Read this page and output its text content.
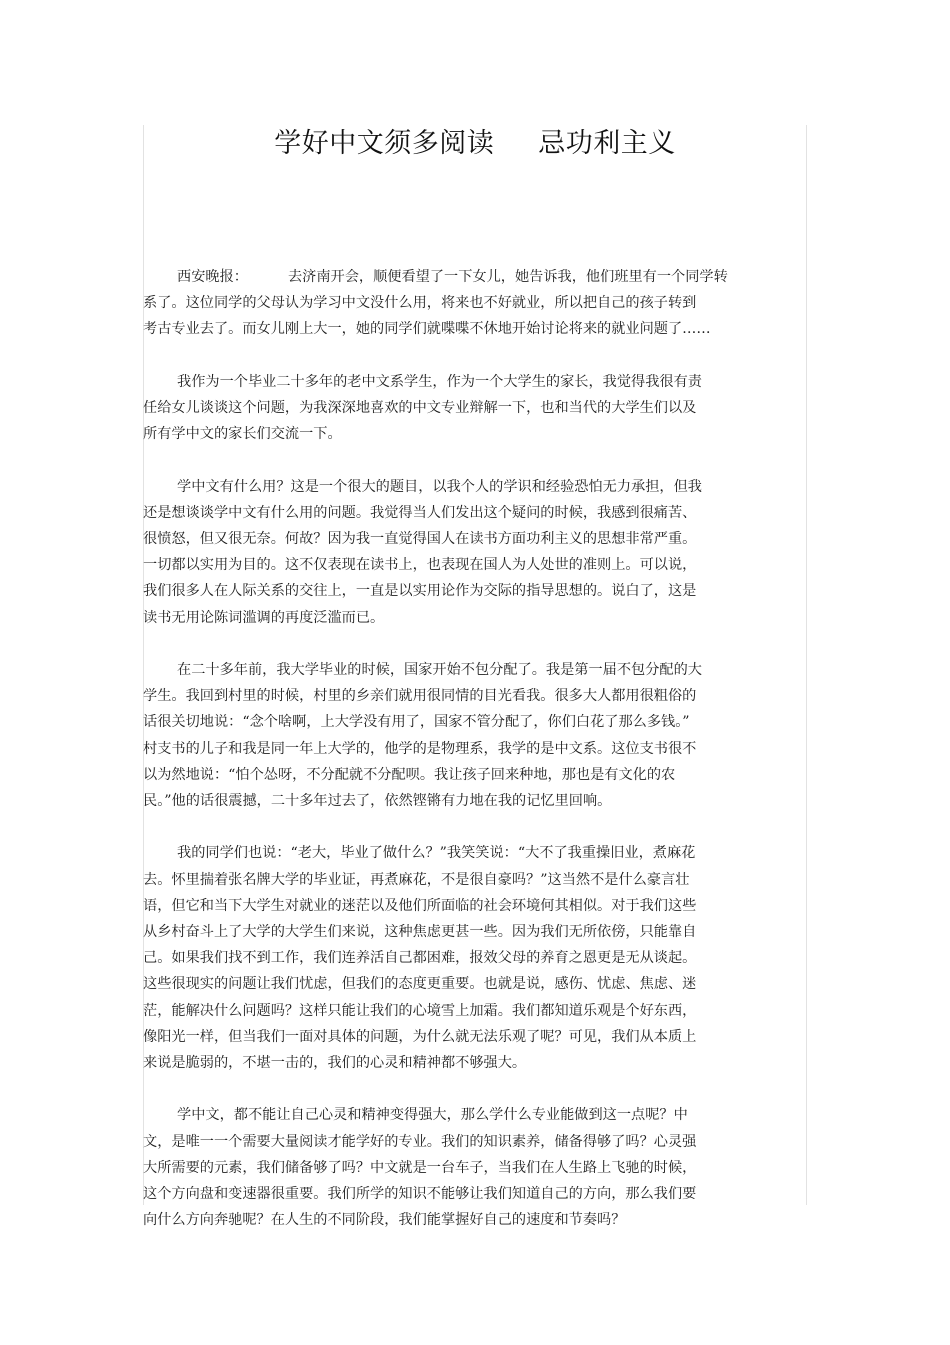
学好中文须多阅读 忌功利主义
西安晚报：	去济南开会，顺便看望了一下女儿，她告诉我，他们班里有一个同学转
系了。这位同学的父母认为学习中文没什么用，将来也不好就业，所以把自己的孩子转到
考古专业去了。而女儿刚上大一，她的同学们就喋喋不休地开始讨论将来的就业问题了……
我作为一个毕业二十多年的老中文系学生，作为一个大学生的家长，我觉得我很有责
任给女儿谈谈这个问题，为我深深地喜欢的中文专业辩解一下，也和当代的大学生们以及
所有学中文的家长们交流一下。
学中文有什么用？这是一个很大的题目，以我个人的学识和经验恐怕无力承担，但我
还是想谈谈学中文有什么用的问题。我觉得当人们发出这个疑问的时候，我感到很痛苦、
很愤怒，但又很无奈。何故？因为我一直觉得国人在读书方面功利主义的思想非常严重。
一切都以实用为目的。这不仅表现在读书上，也表现在国人为人处世的准则上。可以说，
我们很多人在人际关系的交往上，一直是以实用论作为交际的指导思想的。说白了，这是
读书无用论陈词滥调的再度泛滥而已。
在二十多年前，我大学毕业的时候，国家开始不包分配了。我是第一届不包分配的大
学生。我回到村里的时候，村里的乡亲们就用很同情的目光看我。很多大人都用很粗俗的
话很关切地说：“念个啥啊，上大学没有用了，国家不管分配了，你们白花了那么多钱。”
村支书的儿子和我是同一年上大学的，他学的是物理系，我学的是中文系。这位支书很不
以为然地说：“怕个怂呀，不分配就不分配呗。我让孩子回来种地，那也是有文化的农
民。”他的话很震撼，二十多年过去了，依然铿锵有力地在我的记忆里回响。
我的同学们也说：“老大，毕业了做什么？”我笑笑说：“大不了我重操旧业，煮麻花
去。怀里揣着张名牌大学的毕业证，再煮麻花，不是很自豪吗？”这当然不是什么豪言壮
语，但它和当下大学生对就业的迷茫以及他们所面临的社会环境何其相似。对于我们这些
从乡村奋斗上了大学的大学生们来说，这种焦虑更甚一些。因为我们无所依傍，只能靠自
己。如果我们找不到工作，我们连养活自己都困难，报效父母的养育之恩更是无从谈起。
这些很现实的问题让我们忧虑，但我们的态度更重要。也就是说，感伤、忧虑、焦虑、迷
茫，能解决什么问题吗？这样只能让我们的心境雪上加霜。我们都知道乐观是个好东西，
像阳光一样，但当我们一面对具体的问题，为什么就无法乐观了呢？可见，我们从本质上
来说是脆弱的，不堪一击的，我们的心灵和精神都不够强大。
学中文，都不能让自己心灵和精神变得强大，那么学什么专业能做到这一点呢？中
文，是唯一一个需要大量阅读才能学好的专业。我们的知识素养，储备得够了吗？心灵强
大所需要的元素，我们储备够了吗？中文就是一台车子，当我们在人生路上飞驰的时候，
这个方向盘和变速器很重要。我们所学的知识不能够让我们知道自己的方向，那么我们要
向什么方向奔驰呢？在人生的不同阶段，我们能掌握好自己的速度和节奏吗？
